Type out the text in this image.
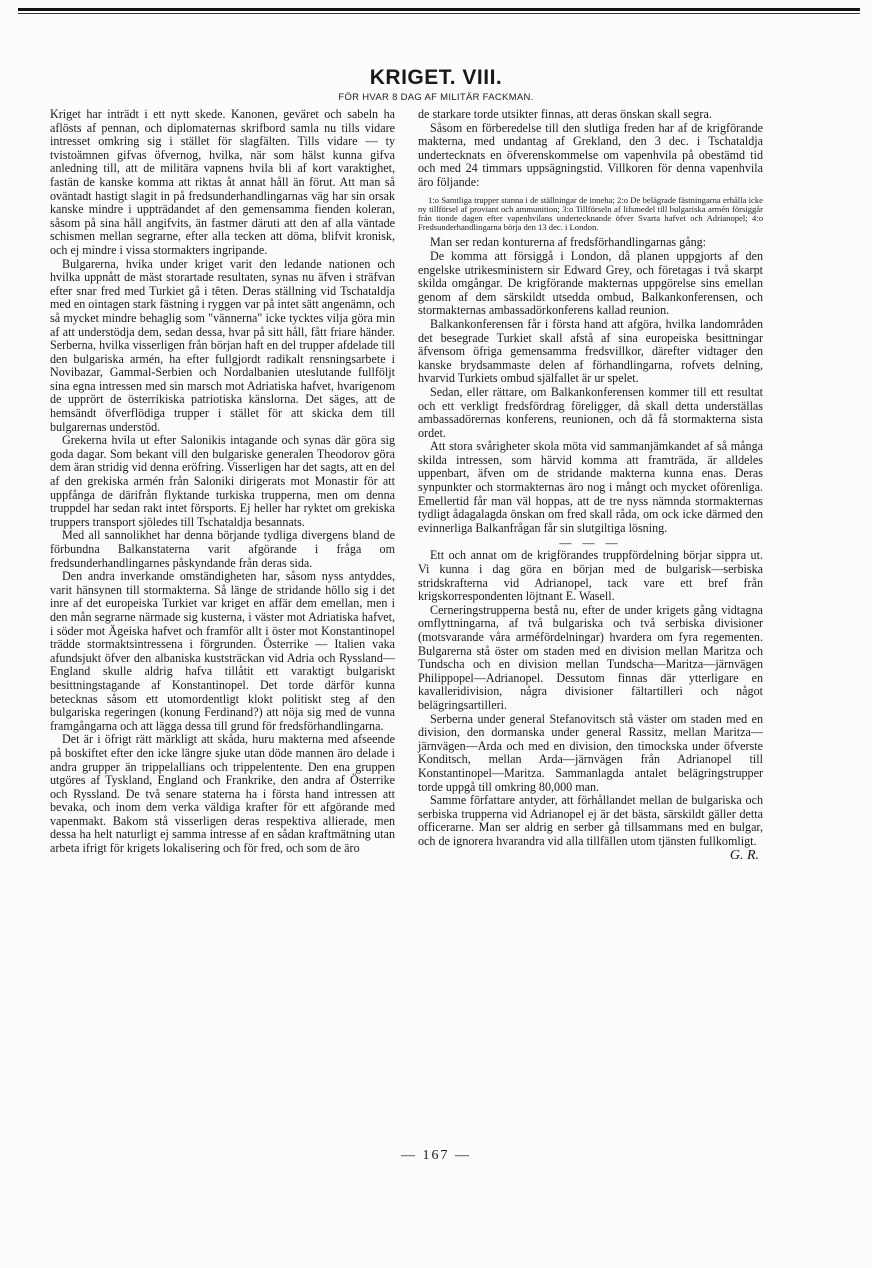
KRIGET. VIII.
FÖR HVAR 8 DAG AF MILITÄR FACKMAN.

Kriget har inträdt i ett nytt skede. Kanonen, geväret och sabeln ha aflösts af pennan, och diplomaternas skrifbord samla nu tills vidare intresset omkring sig i stället för slagfälten. Tills vidare — ty tvistoämnen gifvas öfvernog, hvilka, när som hälst kunna gifva anledning till, att de militära vapnens hvila bli af kort varaktighet, fastän de kanske komma att riktas åt annat håll än förut. Att man så oväntadt hastigt slagit in på fredsunderhandlingarnas väg har sin orsak kanske mindre i uppträdandet af den gemensamma fienden koleran, såsom på sina håll angifvits, än fastmer däruti att den af alla väntade schismen mellan segrarne, efter alla tecken att döma, blifvit kronisk, och ej mindre i vissa stormakters ingripande.

Bulgarerna, hvika under kriget varit den ledande nationen och hvilka uppnått de mäst storartade resultaten, synas nu äfven i sträfvan efter snar fred med Turkiet gå i têten. Deras ställning vid Tschataldja med en ointagen stark fästning i ryggen var på intet sätt angenämn, och så mycket mindre behaglig som "vännerna" icke tycktes vilja göra min af att understödja dem, sedan dessa, hvar på sitt håll, fått friare händer. Serberna, hvilka visserligen från början haft en del trupper afdelade till den bulgariska armén, ha efter fullgjordt radikalt rensningsarbete i Novibazar, Gammal-Serbien och Nordalbanien uteslutande fullföljt sina egna intressen med sin marsch mot Adriatiska hafvet, hvarigenom de upprört de österrikiska patriotiska känslorna. Det säges, att de hemsändt öfverflödiga trupper i stället för att skicka dem till bulgarernas understöd.

Grekerna hvila ut efter Salonikis intagande och synas där göra sig goda dagar. Som bekant vill den bulgariske generalen Theodorov göra dem äran stridig vid denna eröfring. Visserligen har det sagts, att en del af den grekiska armén från Saloniki dirigerats mot Monastir för att uppfånga de därifrån flyktande turkiska trupperna, men om denna truppdel har sedan rakt intet försports. Ej heller har ryktet om grekiska truppers transport sjöledes till Tschataldja besannats.

Med all sannolikhet har denna börjande tydliga divergens bland de förbundna Balkanstaterna varit afgörande i fråga om fredsunderhandlingarnes påskyndande från deras sida.

Den andra inverkande omständigheten har, såsom nyss antyddes, varit hänsynen till stormakterna. Så länge de stridande höllo sig i det inre af det europeiska Turkiet var kriget en affär dem emellan, men i den mån segrarne närmade sig kusterna, i väster mot Adriatiska hafvet, i söder mot Ägeiska hafvet och framför allt i öster mot Konstantinopel trädde stormaktsintressena i förgrunden. Österrike — Italien vaka afundsjukt öfver den albaniska kuststräckan vid Adria och Ryssland—England skulle aldrig hafva tillåtit ett varaktigt bulgariskt besittningstagande af Konstantinopel. Det torde därför kunna betecknas såsom ett utomordentligt klokt politiskt steg af den bulgariska regeringen (konung Ferdinand?) att nöja sig med de vunna framgångarna och att lägga dessa till grund för fredsförhandlingarna.

Det är i öfrigt rätt märkligt att skåda, huru makterna med afseende på boskiftet efter den icke längre sjuke utan döde mannen äro delade i andra grupper än trippelallians och trippelentente. Den ena gruppen utgöres af Tyskland, England och Frankrike, den andra af Österrike och Ryssland. De två senare staterna ha i första hand intressen att bevaka, och inom dem verka väldiga krafter för ett afgörande med vapenmakt. Bakom stå visserligen deras respektiva allierade, men dessa ha helt naturligt ej samma intresse af en sådan kraftmätning utan arbeta ifrigt för krigets lokalisering och för fred, och som de äro

de starkare torde utsikter finnas, att deras önskan skall segra.

Såsom en förberedelse till den slutliga freden har af de krigförande makterna, med undantag af Grekland, den 3 dec. i Tschataldja undertecknats en öfverenskommelse om vapenhvila på obestämd tid och med 24 timmars uppsägningstid. Villkoren för denna vapenhvila äro följande:

1:o Samtliga trupper stanna i de ställningar de inneha; 2:o De belägrade fästningarna erhålla icke ny tillförsel af proviant och ammunition; 3:o Tillförseln af lifsmedel till bulgariska armén försiggår från tionde dagen efter vapenhvilans undertecknande öfver Svarta hafvet och Adrianopel; 4:o Fredsunderhandlingarna börja den 13 dec. i London.

Man ser redan konturerna af fredsförhandlingarnas gång:

De komma att försiggå i London, då planen uppgjorts af den engelske utrikesministern sir Edward Grey, och företagas i två skarpt skilda omgångar. De krigförande makternas uppgörelse sins emellan genom af dem särskildt utsedda ombud, Balkankonferensen, och stormakternas ambassadörkonferens kallad reunion.

Balkankonferensen får i första hand att afgöra, hvilka landområden det besegrade Turkiet skall afstå af sina europeiska besittningar äfvensom öfriga gemensamma fredsvillkor, därefter vidtager den kanske brydsammaste delen af förhandlingarna, rofvets delning, hvarvid Turkiets ombud själfallet är ur spelet.

Sedan, eller rättare, om Balkankonferensen kommer till ett resultat och ett verkligt fredsfördrag föreligger, då skall detta underställas ambassadörernas konferens, reunionen, och då få stormakterna sista ordet.

Att stora svårigheter skola möta vid sammanjämkandet af så många skilda intressen, som härvid komma att framträda, är alldeles uppenbart, äfven om de stridande makterna kunna enas. Deras synpunkter och stormakternas äro nog i mångt och mycket oförenliga. Emellertid får man väl hoppas, att de tre nyss nämnda stormakternas tydligt ådagalagda önskan om fred skall råda, om ock icke därmed den evinnerliga Balkanfrågan får sin slutgiltiga lösning.

— — —

Ett och annat om de krigförandes truppfördelning börjar sippra ut. Vi kunna i dag göra en början med de bulgarisk—serbiska stridskrafterna vid Adrianopel, tack vare ett bref från krigskorrespondenten löjtnant E. Wasell.

Cerneringstrupperna bestå nu, efter de under krigets gång vidtagna omflyttningarna, af två bulgariska och två serbiska divisioner (motsvarande våra arméfördelningar) hvardera om fyra regementen. Bulgarerna stå öster om staden med en division mellan Maritza och Tundscha och en division mellan Tundscha—Maritza—järnvägen Philippopel—Adrianopel. Dessutom finnas där ytterligare en kavalleridivision, några divisioner fältartilleri och något belägringsartilleri.

Serberna under general Stefanovitsch stå väster om staden med en division, den dormanska under general Rassitz, mellan Maritza—järnvägen—Arda och med en division, den timockska under öfverste Konditsch, mellan Arda—järnvägen från Adrianopel till Konstantinopel—Maritza. Sammanlagda antalet belägringstrupper torde uppgå till omkring 80,000 man.

Samme författare antyder, att förhållandet mellan de bulgariska och serbiska trupperna vid Adrianopel ej är det bästa, särskildt gäller detta officerarne. Man ser aldrig en serber gå tillsammans med en bulgar, och de ignorera hvarandra vid alla tillfällen utom tjänsten fullkomligt.
G. R.

— 167 —
